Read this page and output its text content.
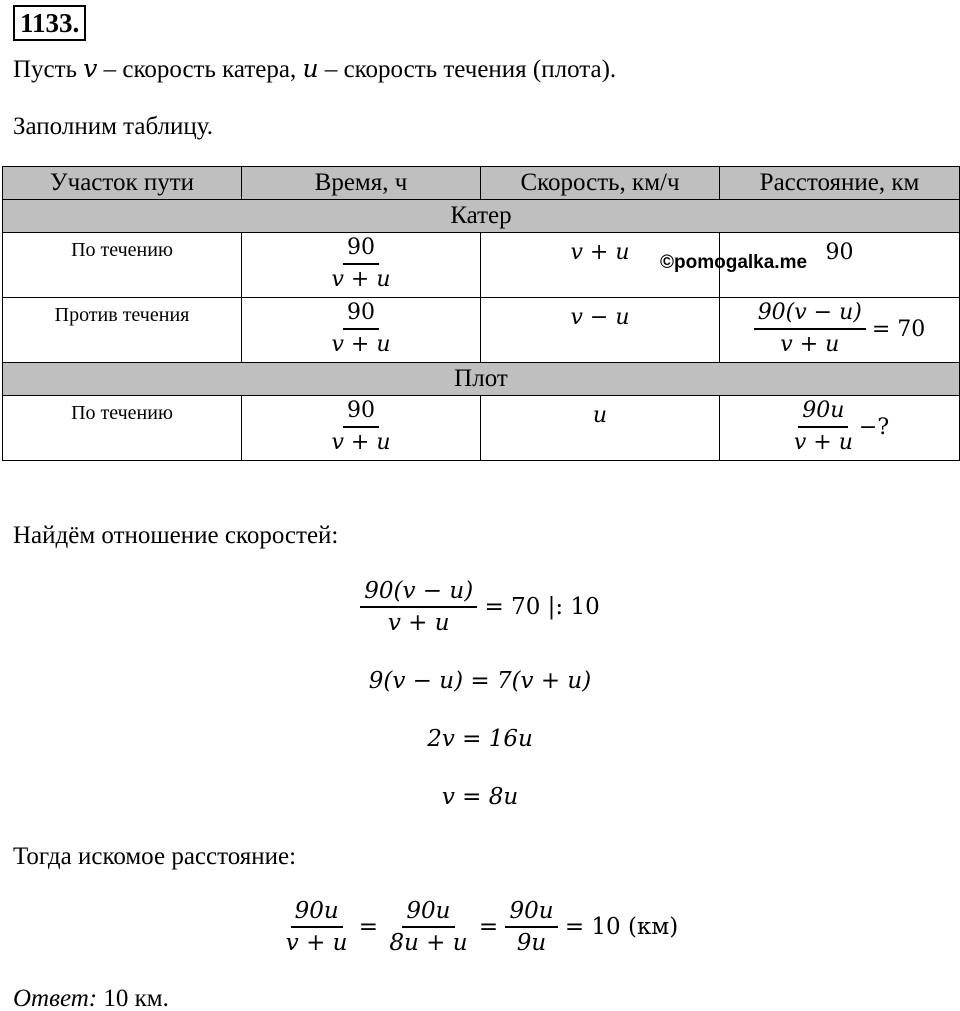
1133.
Пусть v – скорость катера, u – скорость течения (плота).
Заполним таблицу.
Участок пути	Время, ч	Скорость, км/ч	Расстояние, км
Катер			
По течению	$\frac{90}{v + u}$	v + u	90

Против течения	$\frac{90}{v + u}$	v − u	$\frac{90(v - u)}{v + u} = 70$

Плот			
По течению	$\frac{90}{v + u}$	u	$\frac{90u}{v + u}$ −?
©pomogalka.me
Найдём отношение скоростей:
$\frac{90(v - u)}{v + u} = 70$ |: 10
9(v − u) = 7(v + u)
2v = 16u
v = 8u
Тогда искомое расстояние:
$\frac{90u}{v + u} = \frac{90u}{8u + u} = \frac{90u}{9u} = 10$ (км)
Ответ: 10 км.
